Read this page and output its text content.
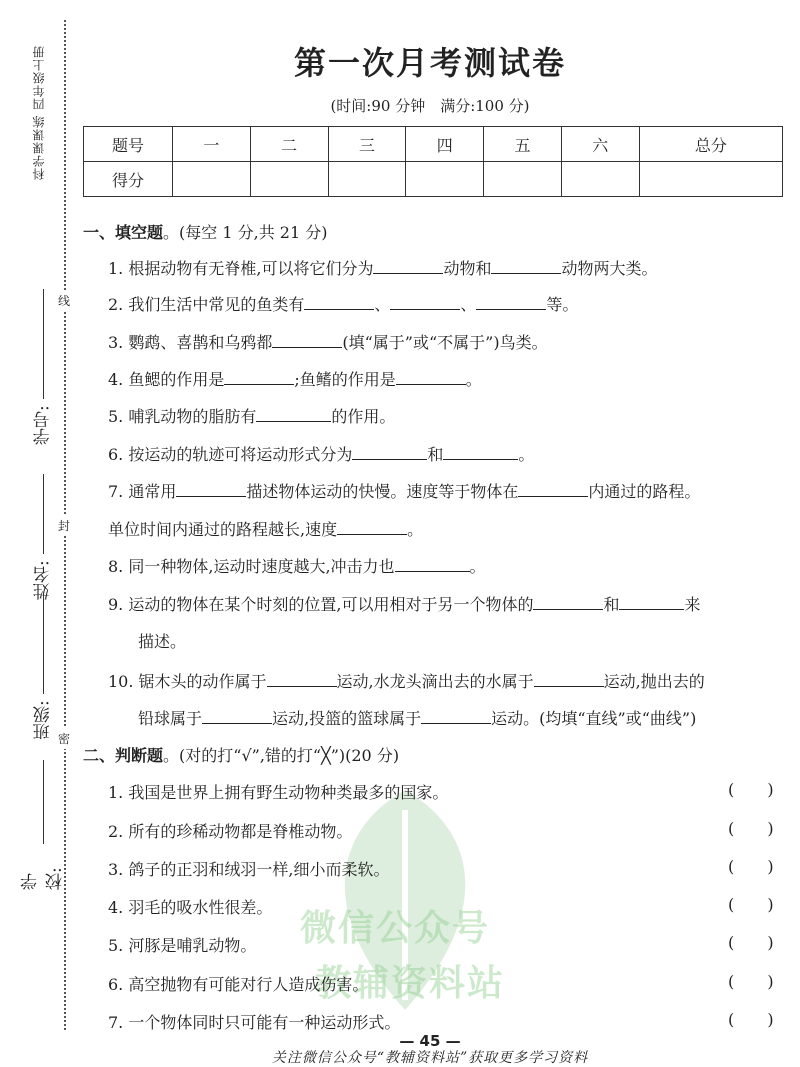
科学课课练 四年级上册
学号:
姓名:
班级:
学校:
线
封
密
微信公众号
教辅资料站
第一次月考测试卷
(时间:90 分钟　满分:100 分)
题号	一	二	三	四	五	六	总分
得分							
一、填空题。(每空 1 分,共 21 分)
1. 根据动物有无脊椎,可以将它们分为	动物和	动物两大类。
2. 我们生活中常见的鱼类有	、	、	等。
3. 鹦鹉、喜鹊和乌鸦都	(填“属于”或“不属于”)鸟类。
4. 鱼鳃的作用是	;鱼鳍的作用是	。
5. 哺乳动物的脂肪有	的作用。
6. 按运动的轨迹可将运动形式分为	和	。
7. 通常用	描述物体运动的快慢。速度等于物体在	内通过的路程。
单位时间内通过的路程越长,速度	。
8. 同一种物体,运动时速度越大,冲击力也	。
9. 运动的物体在某个时刻的位置,可以用相对于另一个物体的	和	来
描述。
10. 锯木头的动作属于	运动,水龙头滴出去的水属于	运动,抛出去的
铅球属于	运动,投篮的篮球属于	运动。(均填“直线”或“曲线”)
二、判断题。(对的打“√”,错的打“╳”)(20 分)
1. 我国是世界上拥有野生动物种类最多的国家。	( )
2. 所有的珍稀动物都是脊椎动物。	( )
3. 鸽子的正羽和绒羽一样,细小而柔软。	( )
4. 羽毛的吸水性很差。	( )
5. 河豚是哺乳动物。	( )
6. 高空抛物有可能对行人造成伤害。	( )
7. 一个物体同时只可能有一种运动形式。	( )
— 45 —
关注微信公众号“教辅资料站”获取更多学习资料
